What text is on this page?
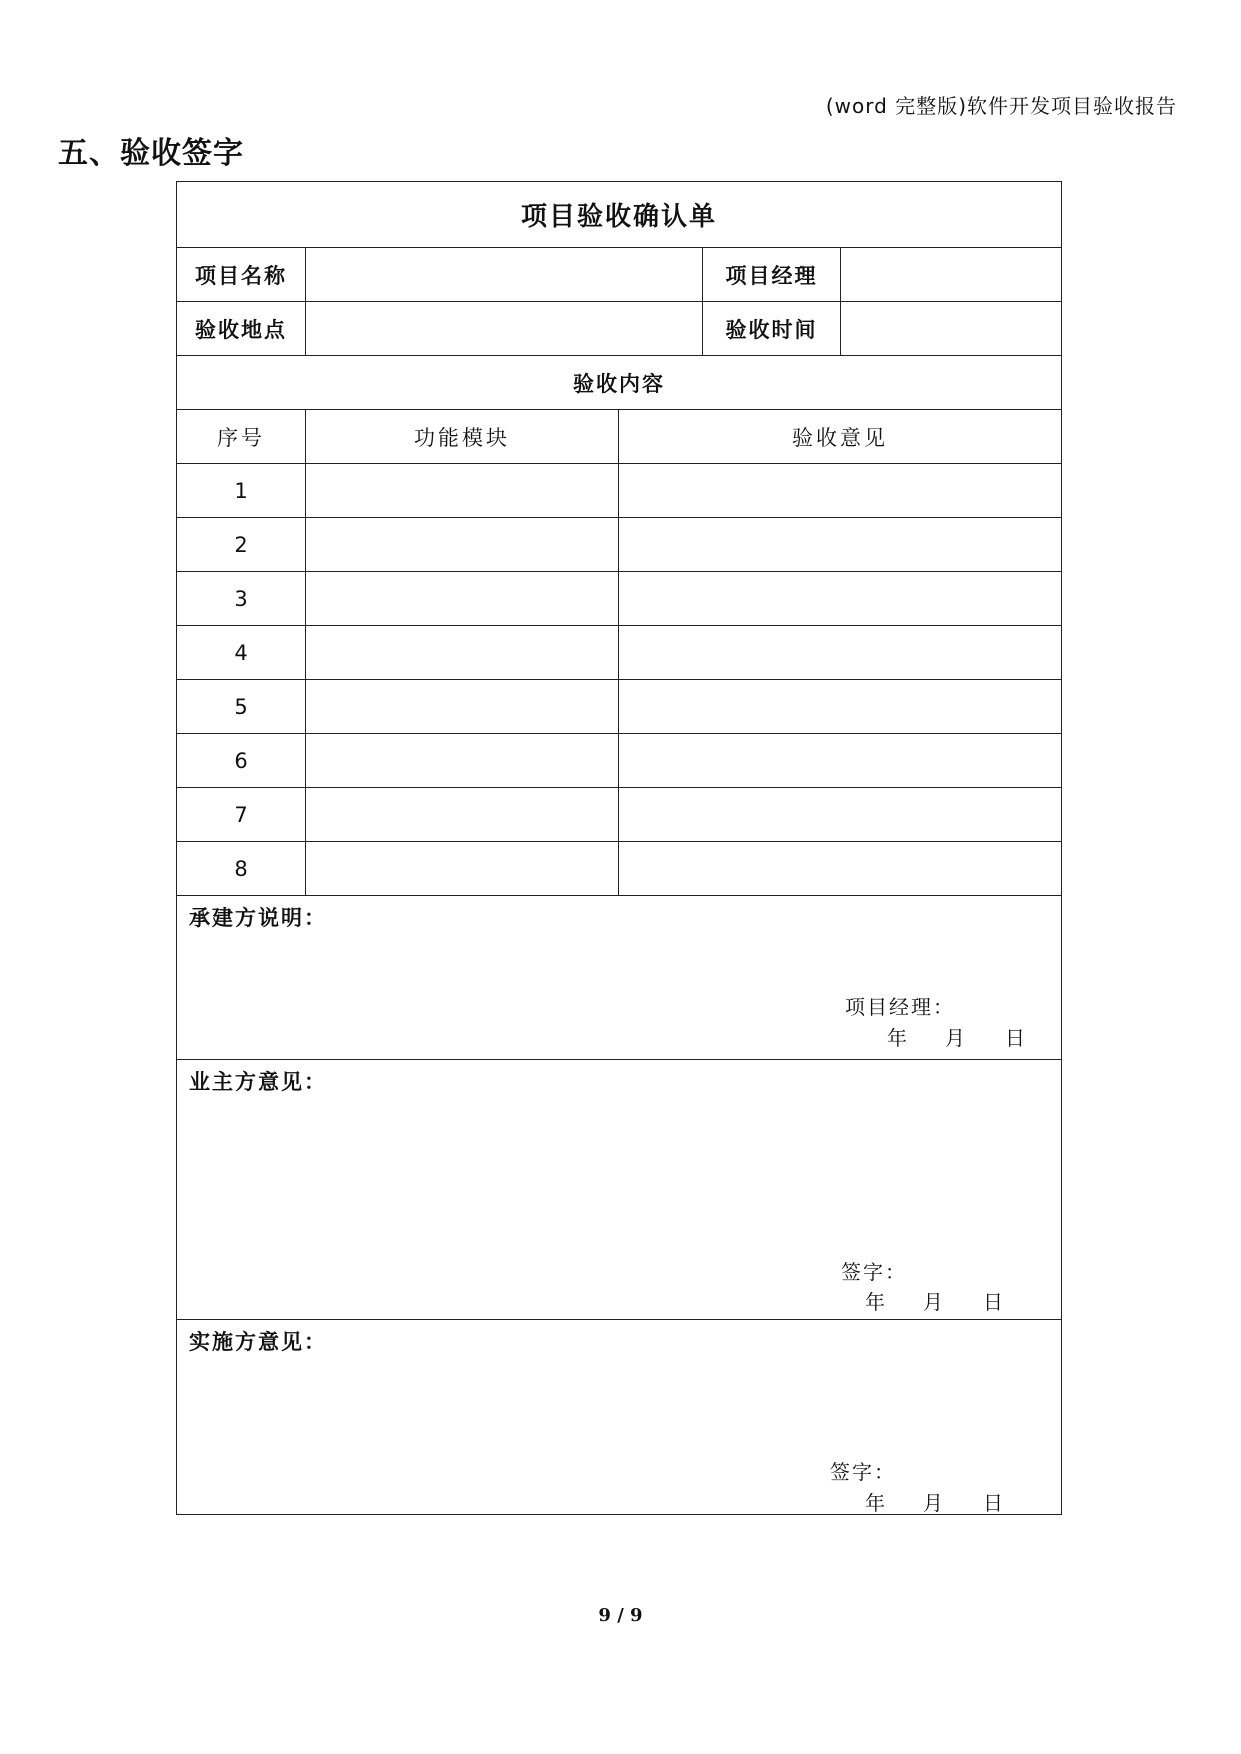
(word 完整版)软件开发项目验收报告
五、验收签字
项目验收确认单
项目名称	项目经理
验收地点	验收时间
验收内容
序号	功能模块	验收意见
1
2
3
4
5
6
7
8
承建方说明：
项目经理：
年 月 日
业主方意见：
签字：
年 月 日
实施方意见：
签字：
年 月 日
9 / 9
